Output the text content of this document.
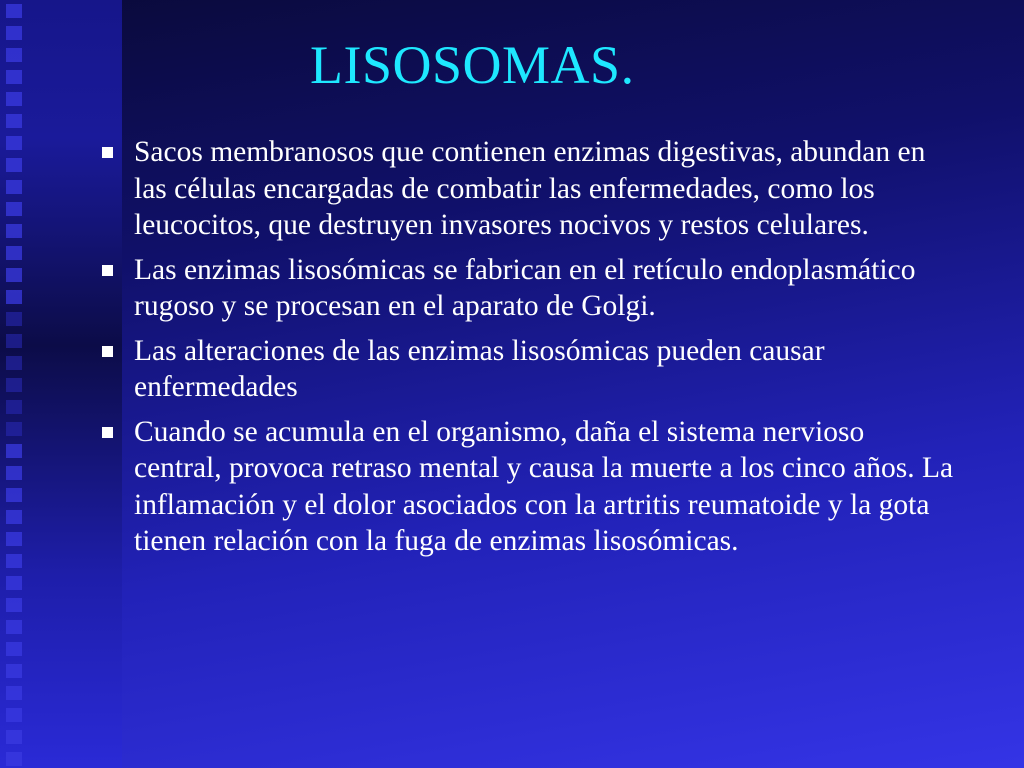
LISOSOMAS.
Sacos membranosos que contienen enzimas digestivas, abundan en las células encargadas de combatir las enfermedades, como los leucocitos, que destruyen invasores nocivos y restos celulares.
Las enzimas lisosómicas se fabrican en el retículo endoplasmático rugoso y se procesan en el aparato de Golgi.
Las alteraciones de las enzimas lisosómicas pueden causar enfermedades
Cuando se acumula en el organismo, daña el sistema nervioso central, provoca retraso mental y causa la muerte a los cinco años. La inflamación y el dolor asociados con la artritis reumatoide y la gota tienen relación con la fuga de enzimas lisosómicas.
